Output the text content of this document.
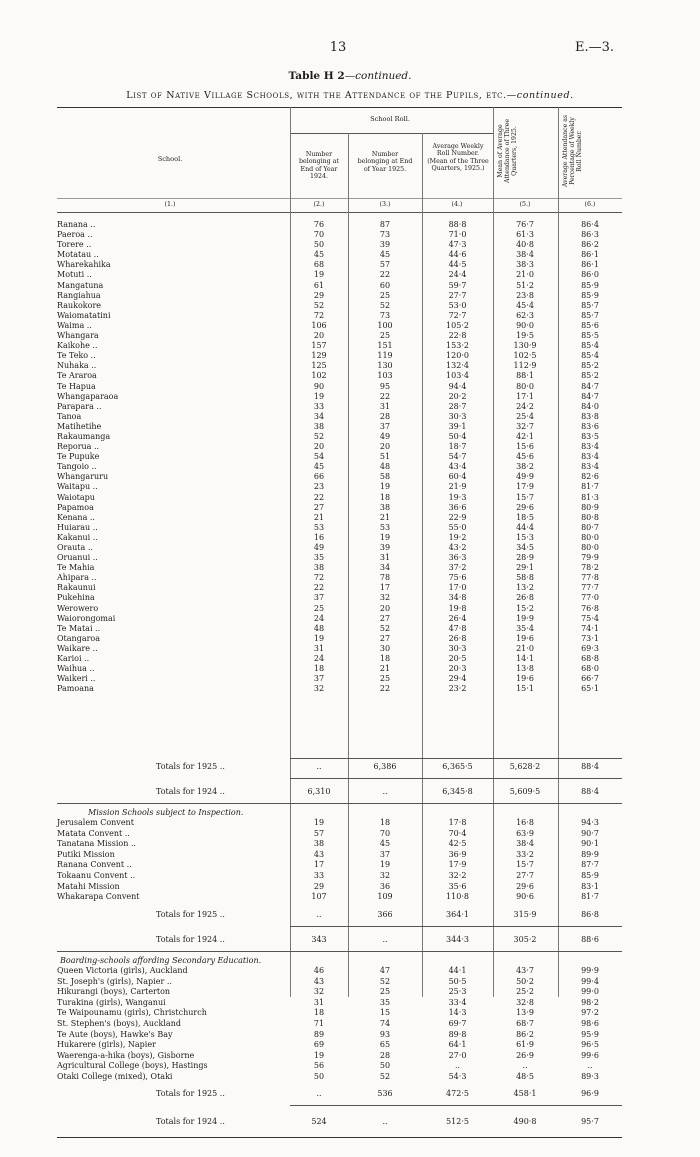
13	E.—3.
Table H 2—continued.
List of Native Village Schools, with the Attendance of the Pupils, etc.—continued.
School.
School Roll.
Number belonging at End of Year 1924.
Number belonging at End of Year 1925.
Average Weekly Roll Number. (Mean of the Three Quarters, 1925.)	Mean of Average Attendance of Three Quarters, 1925.	Average Attendance as Percentage of Weekly Roll Number.
(1.)	(2.)	(3.)	(4.)	(5.)	(6.)
Ranana ..	76	87	88·8	76·7	86·4
Paeroa ..	70	73	71·0	61·3	86·3
Torere ..	50	39	47·3	40·8	86·2
Motatau ..	45	45	44·6	38·4	86·1
Wharekahika	68	57	44·5	38·3	86·1
Motuti ..	19	22	24·4	21·0	86·0
Mangatuna	61	60	59·7	51·2	85·9
Rangiahua	29	25	27·7	23·8	85·9
Raukokore	52	52	53·0	45·4	85·7
Waiomatatini	72	73	72·7	62·3	85·7
Waima ..	106	100	105·2	90·0	85·6
Whangara	20	25	22·8	19·5	85·5
Kaikohe ..	157	151	153·2	130·9	85·4
Te Teko ..	129	119	120·0	102·5	85·4
Nuhaka ..	125	130	132·4	112·9	85·2
Te Araroa	102	103	103·4	88·1	85·2
Te Hapua	90	95	94·4	80·0	84·7
Whangaparaoa	19	22	20·2	17·1	84·7
Parapara ..	33	31	28·7	24·2	84·0
Tanoa	34	28	30·3	25·4	83·8
Matihetihe	38	37	39·1	32·7	83·6
Rakaumanga	52	49	50·4	42·1	83·5
Reporua ..	20	20	18·7	15·6	83·4
Te Pupuke	54	51	54·7	45·6	83·4
Tangoio ..	45	48	43·4	38·2	83·4
Whangaruru	66	58	60·4	49·9	82·6
Waitapu ..	23	19	21·9	17·9	81·7
Waiotapu	22	18	19·3	15·7	81·3
Papamoa	27	38	36·6	29·6	80·9
Kenana ..	21	21	22·9	18·5	80·8
Huiarau ..	53	53	55·0	44·4	80·7
Kakanui ..	16	19	19·2	15·3	80·0
Orauta ..	49	39	43·2	34·5	80·0
Oruanui ..	35	31	36·3	28·9	79·9
Te Mahia	38	34	37·2	29·1	78·2
Ahipara ..	72	78	75·6	58·8	77·8
Rakaunui	22	17	17·0	13·2	77·7
Pukehina	37	32	34·8	26·8	77·0
Werowero	25	20	19·8	15·2	76·8
Waiorongomai	24	27	26·4	19·9	75·4
Te Matai ..	48	52	47·8	35·4	74·1
Otangaroa	19	27	26·8	19·6	73·1
Waikare ..	31	30	30·3	21·0	69·3
Karioi ..	24	18	20·5	14·1	68·8
Waihua ..	18	21	20·3	13·8	68·0
Waikeri ..	37	25	29·4	19·6	66·7
Pamoana	32	22	23·2	15·1	65·1
Totals for 1925 ..	..	6,386	6,365·5	5,628·2	88·4
Totals for 1924 ..	6,310	..	6,345·8	5,609·5	88·4
Mission Schools subject to Inspection.
Jerusalem Convent	19	18	17·8	16·8	94·3
Matata Convent ..	57	70	70·4	63·9	90·7
Tanatana Mission ..	38	45	42·5	38·4	90·1
Putiki Mission	43	37	36·9	33·2	89·9
Ranana Convent ..	17	19	17·9	15·7	87·7
Tokaanu Convent ..	33	32	32·2	27·7	85·9
Matahi Mission	29	36	35·6	29·6	83·1
Whakarapa Convent	107	109	110·8	90·6	81·7
Totals for 1925 ..	..	366	364·1	315·9	86·8
Totals for 1924 ..	343	..	344·3	305·2	88·6
Boarding-schools affording Secondary Education.
Queen Victoria (girls), Auckland	46	47	44·1	43·7	99·9
St. Joseph's (girls), Napier ..	43	52	50·5	50·2	99·4
Hikurangi (boys), Carterton	32	25	25·3	25·2	99·0
Turakina (girls), Wanganui	31	35	33·4	32·8	98·2
Te Waipounamu (girls), Christchurch	18	15	14·3	13·9	97·2
St. Stephen's (boys), Auckland	71	74	69·7	68·7	98·6
Te Aute (boys), Hawke's Bay	89	93	89·8	86·2	95·9
Hukarere (girls), Napier	69	65	64·1	61·9	96·5
Waerenga-a-hika (boys), Gisborne	19	28	27·0	26·9	99·6
Agricultural College (boys), Hastings	56	50	..	..	..
Otaki College (mixed), Otaki	50	52	54·3	48·5	89·3
Totals for 1925 ..	..	536	472·5	458·1	96·9
Totals for 1924 ..	524	..	512·5	490·8	95·7
